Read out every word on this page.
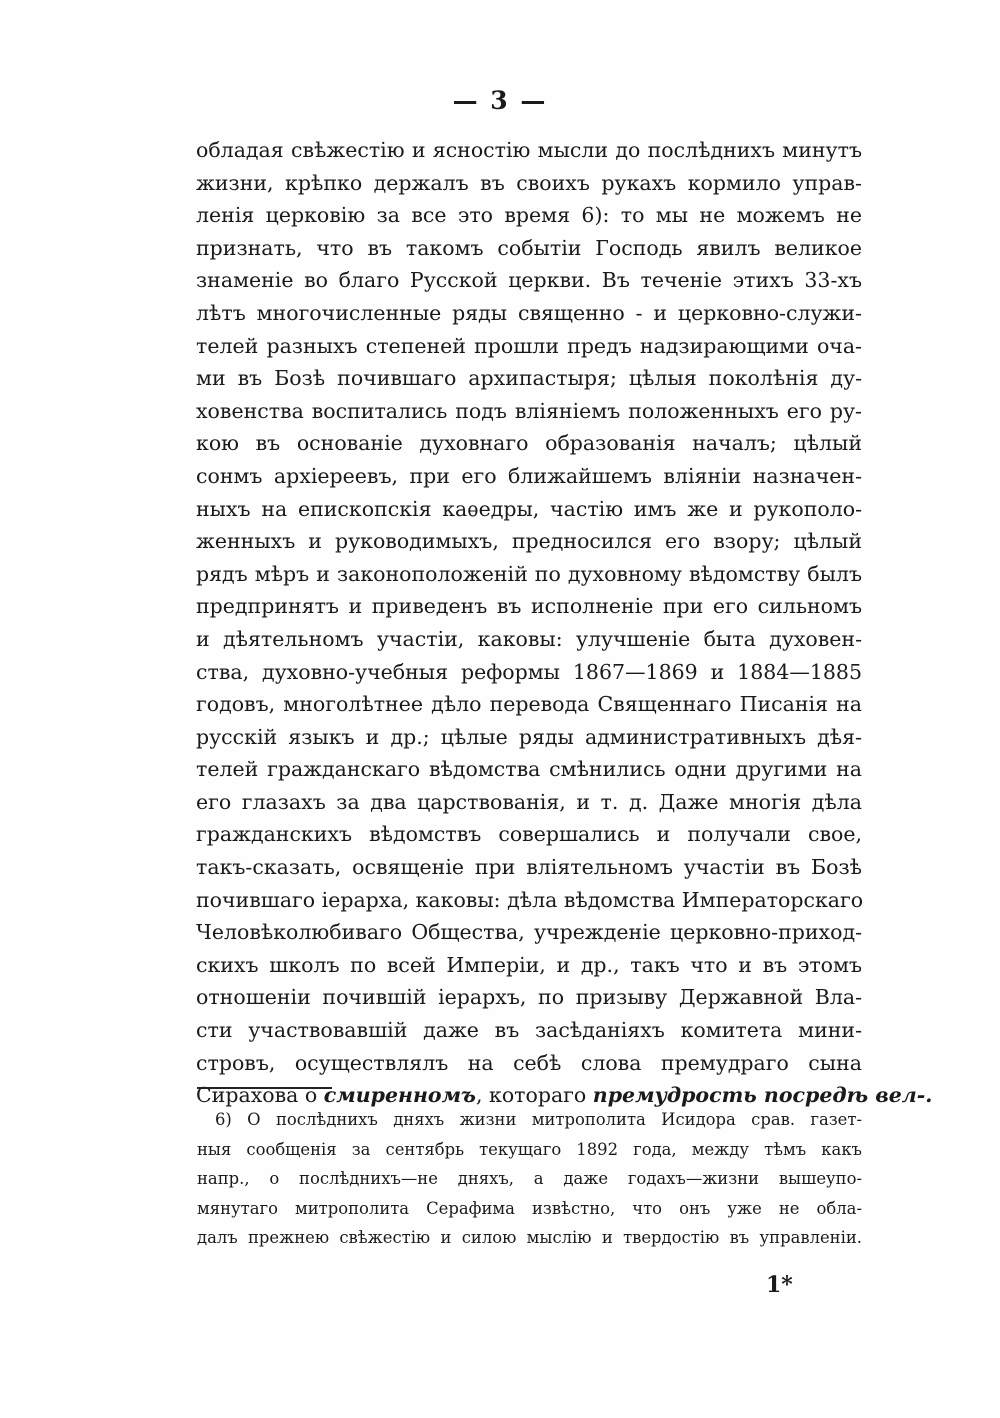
— 3 —
обладая свѣжестію и ясностію мысли до послѣднихъ минутъ
жизни, крѣпко держалъ въ своихъ рукахъ кормило управ-
ленія церковію за все это время 6): то мы не можемъ не
признать, что въ такомъ событіи Господь явилъ великое
знаменіе во благо Русской церкви. Въ теченіе этихъ 33-хъ
лѣтъ многочисленные ряды священно - и церковно-служи-
телей разныхъ степеней прошли предъ надзирающими оча-
ми въ Бозѣ почившаго архипастыря; цѣлыя поколѣнія ду-
ховенства воспитались подъ вліяніемъ положенныхъ его ру-
кою въ основаніе духовнаго образованія началъ; цѣлый
сонмъ архіереевъ, при его ближайшемъ вліяніи назначен-
ныхъ на епископскія каѳедры, частію имъ же и рукополо-
женныхъ и руководимыхъ, предносился его взору; цѣлый
рядъ мѣръ и законоположеній по духовному вѣдомству былъ
предпринятъ и приведенъ въ исполненіе при его сильномъ
и дѣятельномъ участіи, каковы: улучшеніе быта духовен-
ства, духовно-учебныя реформы 1867—1869 и 1884—1885
годовъ, многолѣтнее дѣло перевода Священнаго Писанія на
русскій языкъ и др.; цѣлые ряды административныхъ дѣя-
телей гражданскаго вѣдомства смѣнились одни другими на
его глазахъ за два царствованія, и т. д. Даже многія дѣла
гражданскихъ вѣдомствъ совершались и получали свое,
такъ-сказать, освященіе при вліятельномъ участіи въ Бозѣ
почившаго іерарха, каковы: дѣла вѣдомства Императорскаго
Человѣколюбиваго Общества, учрежденіе церковно-приход-
скихъ школъ по всей Имперіи, и др., такъ что и въ этомъ
отношеніи почившій іерархъ, по призыву Державной Вла-
сти участвовавшій даже въ засѣданіяхъ комитета мини-
стровъ, осуществлялъ на себѣ слова премудраго сына
Сирахова о смиренномъ, котораго премудрость посредѣ вел-.
6) О послѣднихъ дняхъ жизни митрополита Исидора срав. газет-
ныя сообщенія за сентябрь текущаго 1892 года, между тѣмъ какъ
напр., о послѣднихъ—не дняхъ, а даже годахъ—жизни вышеупо-
мянутаго митрополита Серафима извѣстно, что онъ уже не обла-
далъ прежнею свѣжестію и силою мыслію и твердостію въ управленіи.
1*
